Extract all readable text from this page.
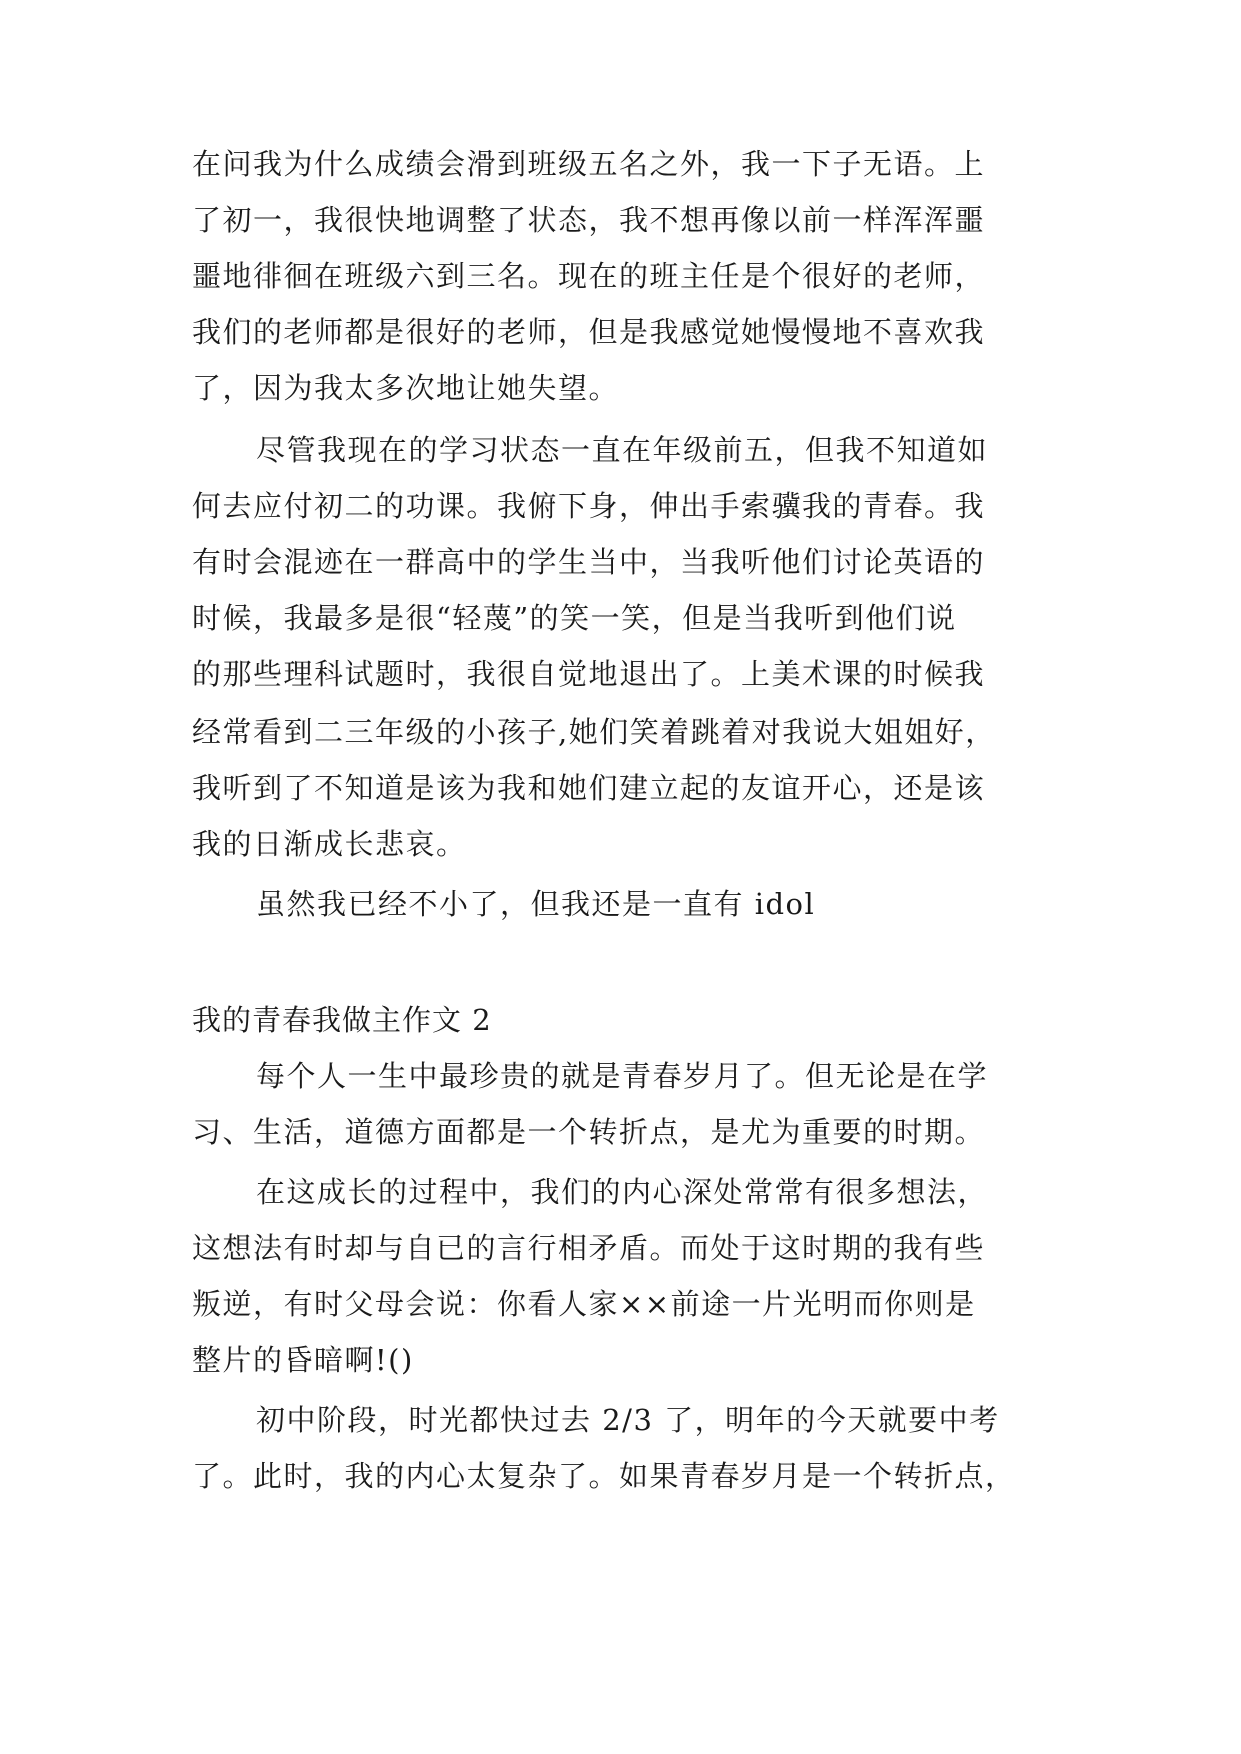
在问我为什么成绩会滑到班级五名之外，我一下子无语。上
了初一，我很快地调整了状态，我不想再像以前一样浑浑噩
噩地徘徊在班级六到三名。现在的班主任是个很好的老师，
我们的老师都是很好的老师，但是我感觉她慢慢地不喜欢我
了，因为我太多次地让她失望。
尽管我现在的学习状态一直在年级前五，但我不知道如
何去应付初二的功课。我俯下身，伸出手索骥我的青春。我
有时会混迹在一群高中的学生当中，当我听他们讨论英语的
时候，我最多是很“轻蔑”的笑一笑，但是当我听到他们说
的那些理科试题时，我很自觉地退出了。上美术课的时候我
经常看到二三年级的小孩子,她们笑着跳着对我说大姐姐好，
我听到了不知道是该为我和她们建立起的友谊开心，还是该
我的日渐成长悲哀。
虽然我已经不小了，但我还是一直有 idol
我的青春我做主作文 2
每个人一生中最珍贵的就是青春岁月了。但无论是在学
习、生活，道德方面都是一个转折点，是尤为重要的时期。
在这成长的过程中，我们的内心深处常常有很多想法，
这想法有时却与自已的言行相矛盾。而处于这时期的我有些
叛逆，有时父母会说：你看人家××前途一片光明而你则是
整片的昏暗啊!()
初中阶段，时光都快过去 2/3 了，明年的今天就要中考
了。此时，我的内心太复杂了。如果青春岁月是一个转折点，
